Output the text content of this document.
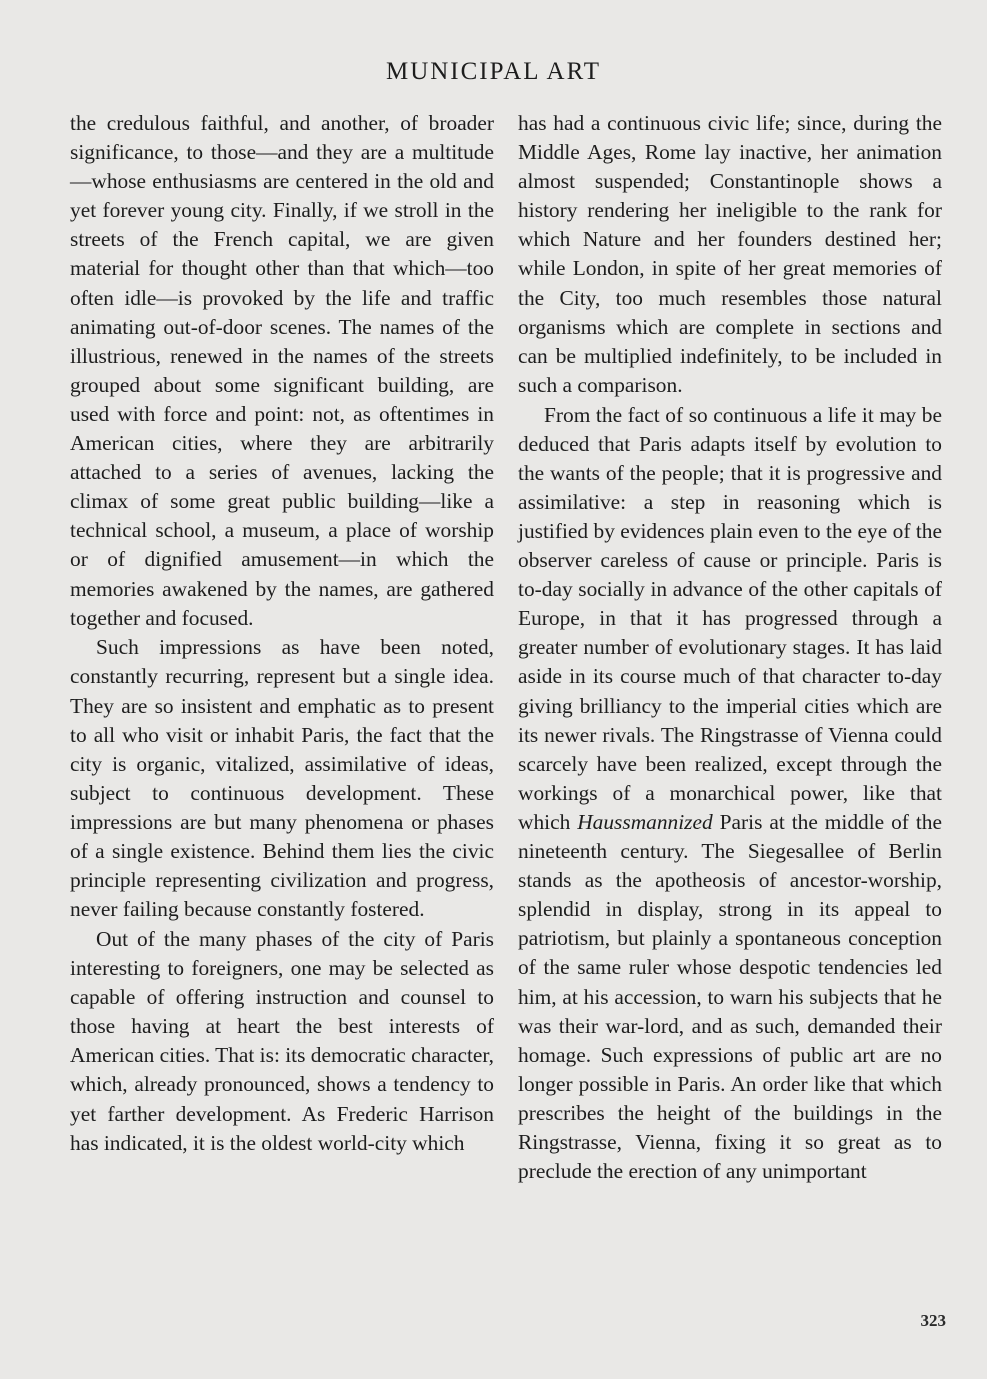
MUNICIPAL ART

the credulous faithful, and another, of broader significance, to those—and they are a multitude—whose enthusiasms are centered in the old and yet forever young city. Finally, if we stroll in the streets of the French capital, we are given material for thought other than that which—too often idle—is provoked by the life and traffic animating out-of-door scenes. The names of the illustrious, renewed in the names of the streets grouped about some significant building, are used with force and point: not, as oftentimes in American cities, where they are arbitrarily attached to a series of avenues, lacking the climax of some great public building—like a technical school, a museum, a place of worship or of dignified amusement—in which the memories awakened by the names, are gathered together and focused.

Such impressions as have been noted, constantly recurring, represent but a single idea. They are so insistent and emphatic as to present to all who visit or inhabit Paris, the fact that the city is organic, vitalized, assimilative of ideas, subject to continuous development. These impressions are but many phenomena or phases of a single existence. Behind them lies the civic principle representing civilization and progress, never failing because constantly fostered.

Out of the many phases of the city of Paris interesting to foreigners, one may be selected as capable of offering instruction and counsel to those having at heart the best interests of American cities. That is: its democratic character, which, already pronounced, shows a tendency to yet farther development. As Frederic Harrison has indicated, it is the oldest world-city which

has had a continuous civic life; since, during the Middle Ages, Rome lay inactive, her animation almost suspended; Constantinople shows a history rendering her ineligible to the rank for which Nature and her founders destined her; while London, in spite of her great memories of the City, too much resembles those natural organisms which are complete in sections and can be multiplied indefinitely, to be included in such a comparison.

From the fact of so continuous a life it may be deduced that Paris adapts itself by evolution to the wants of the people; that it is progressive and assimilative: a step in reasoning which is justified by evidences plain even to the eye of the observer careless of cause or principle. Paris is to-day socially in advance of the other capitals of Europe, in that it has progressed through a greater number of evolutionary stages. It has laid aside in its course much of that character to-day giving brilliancy to the imperial cities which are its newer rivals. The Ringstrasse of Vienna could scarcely have been realized, except through the workings of a monarchical power, like that which Haussmannized Paris at the middle of the nineteenth century. The Siegesallee of Berlin stands as the apotheosis of ancestor-worship, splendid in display, strong in its appeal to patriotism, but plainly a spontaneous conception of the same ruler whose despotic tendencies led him, at his accession, to warn his subjects that he was their war-lord, and as such, demanded their homage. Such expressions of public art are no longer possible in Paris. An order like that which prescribes the height of the buildings in the Ringstrasse, Vienna, fixing it so great as to preclude the erection of any unimportant

323
